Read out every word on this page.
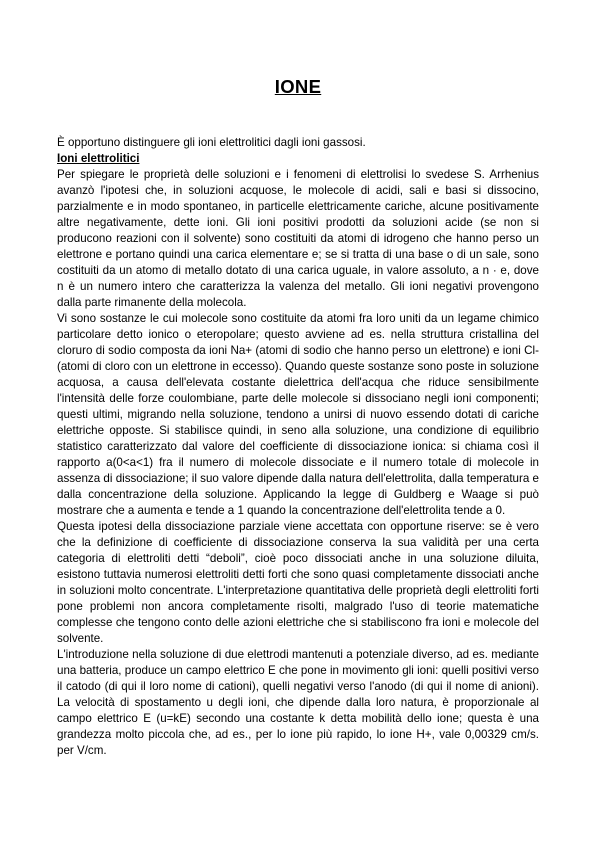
IONE

È opportuno distinguere gli ioni elettrolitici dagli ioni gassosi.

Ioni elettrolitici

Per spiegare le proprietà delle soluzioni e i fenomeni di elettrolisi lo svedese S. Arrhenius avanzò l'ipotesi che, in soluzioni acquose, le molecole di acidi, sali e basi si dissocino, parzialmente e in modo spontaneo, in particelle elettricamente cariche, alcune positivamente altre negativamente, dette ioni. Gli ioni positivi prodotti da soluzioni acide (se non si producono reazioni con il solvente) sono costituiti da atomi di idrogeno che hanno perso un elettrone e portano quindi una carica elementare e; se si tratta di una base o di un sale, sono costituiti da un atomo di metallo dotato di una carica uguale, in valore assoluto, a n · e, dove n è un numero intero che caratterizza la valenza del metallo. Gli ioni negativi provengono dalla parte rimanente della molecola.

Vi sono sostanze le cui molecole sono costituite da atomi fra loro uniti da un legame chimico particolare detto ionico o eteropolare; questo avviene ad es. nella struttura cristallina del cloruro di sodio composta da ioni Na+ (atomi di sodio che hanno perso un elettrone) e ioni Cl- (atomi di cloro con un elettrone in eccesso). Quando queste sostanze sono poste in soluzione acquosa, a causa dell'elevata costante dielettrica dell'acqua che riduce sensibilmente l'intensità delle forze coulombiane, parte delle molecole si dissociano negli ioni componenti; questi ultimi, migrando nella soluzione, tendono a unirsi di nuovo essendo dotati di cariche elettriche opposte. Si stabilisce quindi, in seno alla soluzione, una condizione di equilibrio statistico caratterizzato dal valore del coefficiente di dissociazione ionica: si chiama così il rapporto a(0<a<1) fra il numero di molecole dissociate e il numero totale di molecole in assenza di dissociazione; il suo valore dipende dalla natura dell'elettrolita, dalla temperatura e dalla concentrazione della soluzione. Applicando la legge di Guldberg e Waage si può mostrare che a aumenta e tende a 1 quando la concentrazione dell'elettrolita tende a 0.

Questa ipotesi della dissociazione parziale viene accettata con opportune riserve: se è vero che la definizione di coefficiente di dissociazione conserva la sua validità per una certa categoria di elettroliti detti “deboli”, cioè poco dissociati anche in una soluzione diluita, esistono tuttavia numerosi elettroliti detti forti che sono quasi completamente dissociati anche in soluzioni molto concentrate. L'interpretazione quantitativa delle proprietà degli elettroliti forti pone problemi non ancora completamente risolti, malgrado l'uso di teorie matematiche complesse che tengono conto delle azioni elettriche che si stabiliscono fra ioni e molecole del solvente.

L'introduzione nella soluzione di due elettrodi mantenuti a potenziale diverso, ad es. mediante una batteria, produce un campo elettrico E che pone in movimento gli ioni: quelli positivi verso il catodo (di qui il loro nome di cationi), quelli negativi verso l'anodo (di qui il nome di anioni). La velocità di spostamento u degli ioni, che dipende dalla loro natura, è proporzionale al campo elettrico E (u=kE) secondo una costante k detta mobilità dello ione; questa è una grandezza molto piccola che, ad es., per lo ione più rapido, lo ione H+, vale 0,00329 cm/s. per V/cm.
